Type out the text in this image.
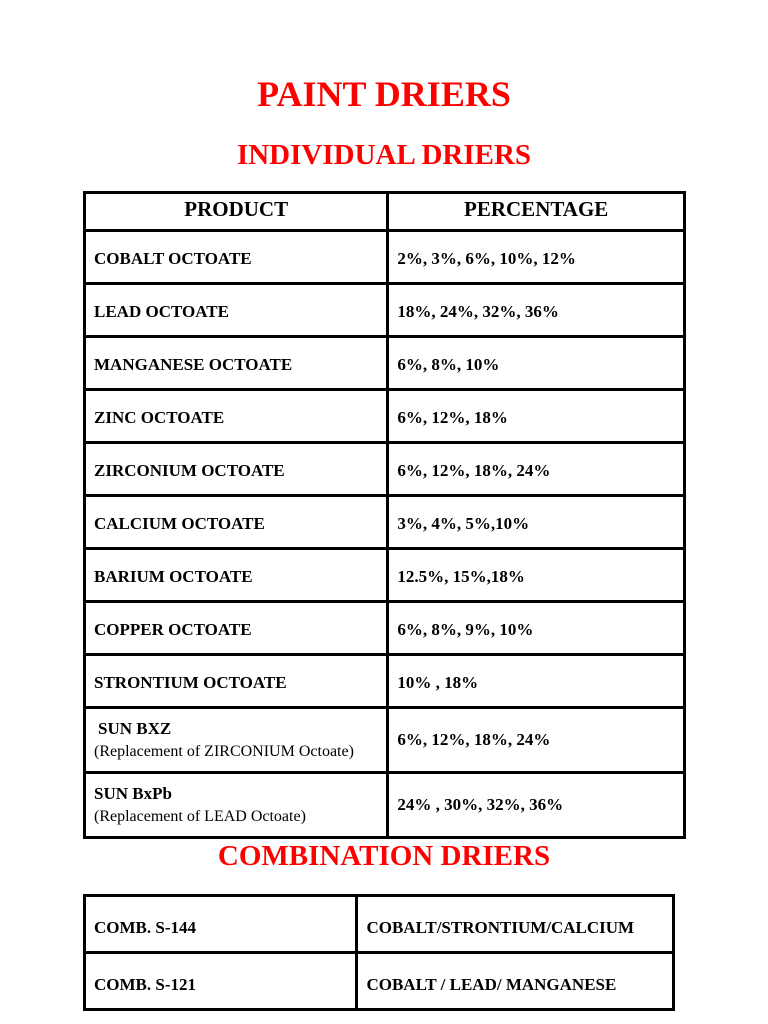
PAINT DRIERS
INDIVIDUAL DRIERS
PRODUCT	PERCENTAGE

COBALT OCTOATE	2%, 3%, 6%, 10%, 12%

LEAD OCTOATE	18%, 24%, 32%, 36%

MANGANESE OCTOATE	6%, 8%, 10%

ZINC OCTOATE	6%, 12%, 18%

ZIRCONIUM OCTOATE	6%, 12%, 18%, 24%

CALCIUM OCTOATE	3%, 4%, 5%,10%

BARIUM OCTOATE	12.5%, 15%,18%

COPPER OCTOATE	6%, 8%, 9%, 10%

STRONTIUM OCTOATE	10% , 18%

SUN BXZ
(Replacement of ZIRCONIUM Octoate)	6%, 12%, 18%, 24%

SUN BxPb
(Replacement of LEAD Octoate)	24% , 30%, 32%, 36%
COMBINATION DRIERS
COMB. S-144	COBALT/STRONTIUM/CALCIUM
COMB. S-121	COBALT / LEAD/ MANGANESE
